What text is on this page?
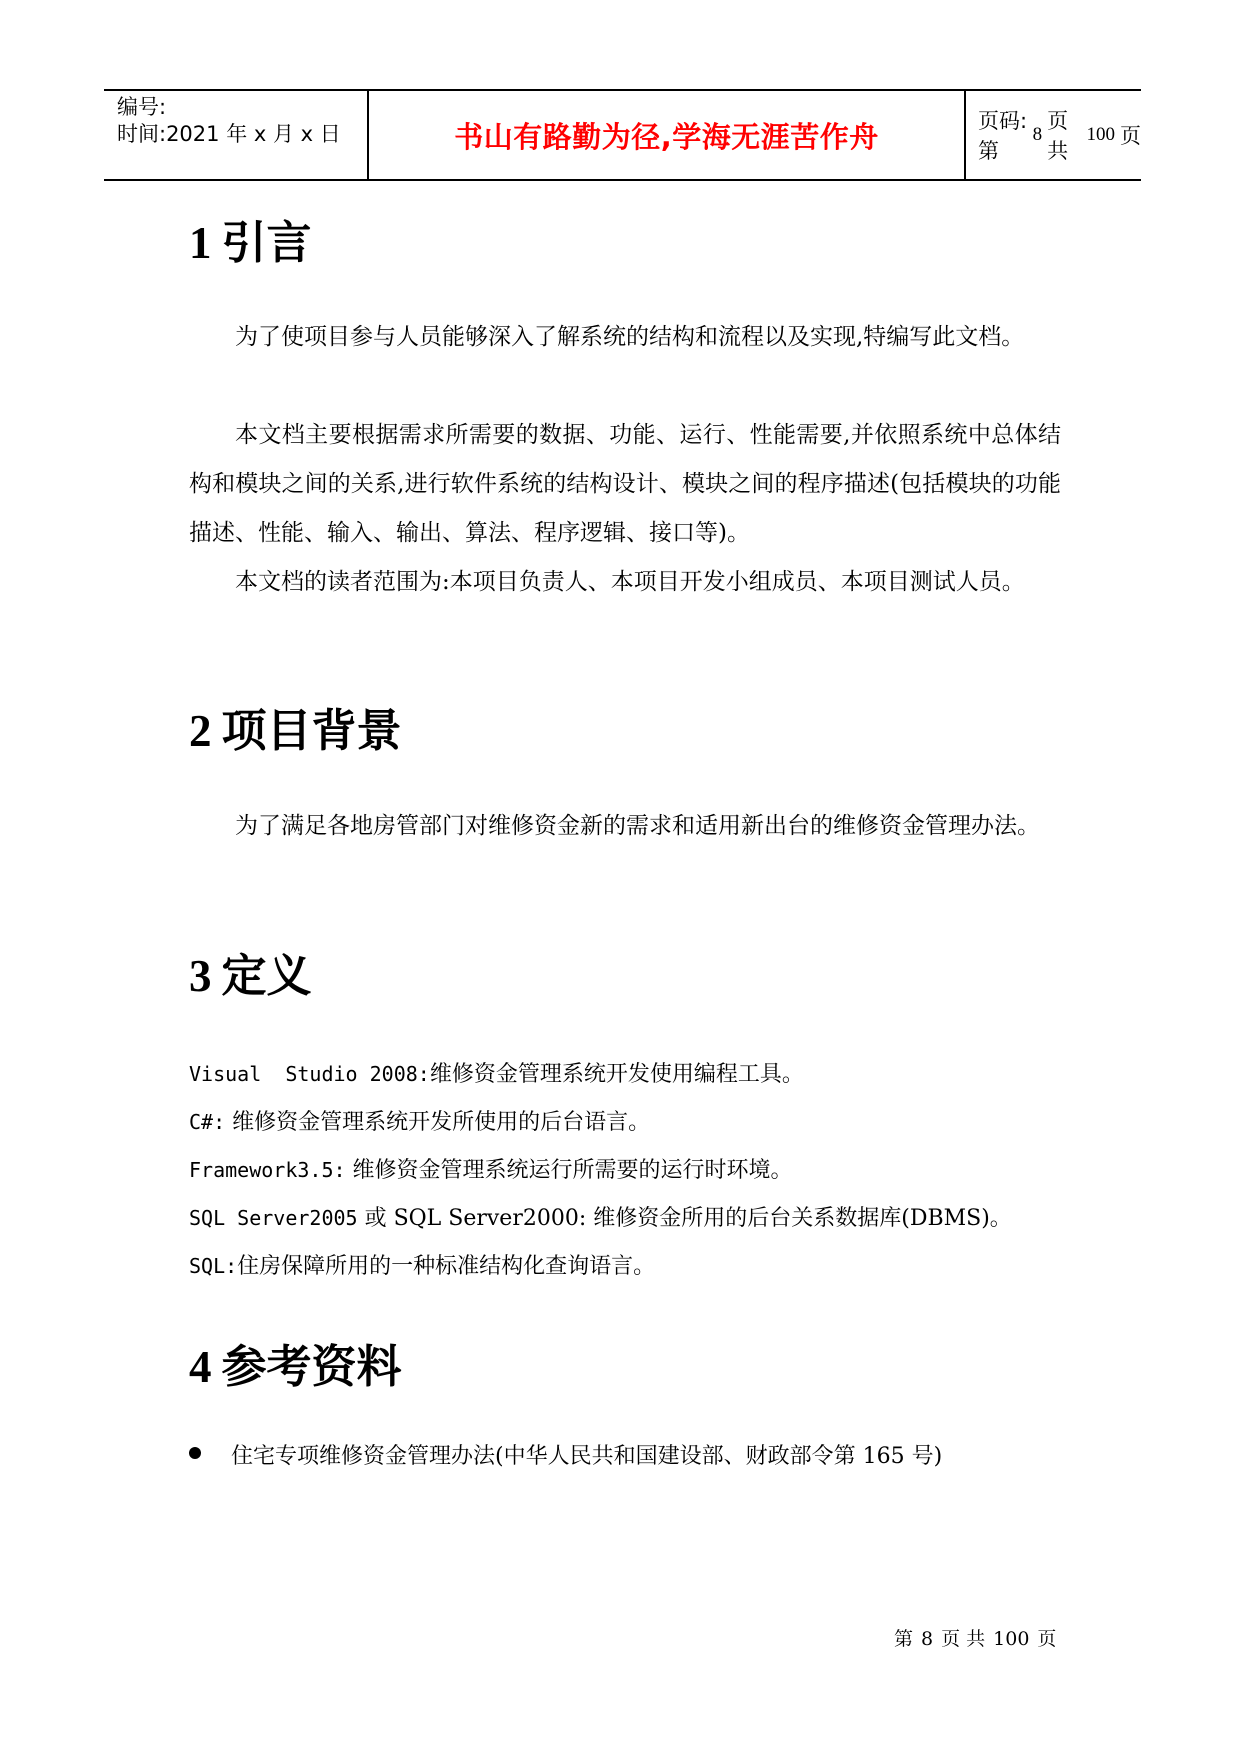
编号:
时间:2021 年 x 月 x 日	书山有路勤为径,学海无涯苦作舟	页码:第
8
页 共
100 页
1 引言

为了使项目参与人员能够深入了解系统的结构和流程以及实现,特编写此文档。

本文档主要根据需求所需要的数据、功能、运行、性能需要,并依照系统中总体结构和模块之间的关系,进行软件系统的结构设计、模块之间的程序描述(包括模块的功能描述、性能、输入、输出、算法、程序逻辑、接口等)。

本文档的读者范围为:本项目负责人、本项目开发小组成员、本项目测试人员。

2 项目背景

为了满足各地房管部门对维修资金新的需求和适用新出台的维修资金管理办法。

3 定义

Visual  Studio 2008:维修资金管理系统开发使用编程工具。

C#: 维修资金管理系统开发所使用的后台语言。

Framework3.5: 维修资金管理系统运行所需要的运行时环境。

SQL Server2005 或 SQL Server2000: 维修资金所用的后台关系数据库(DBMS)。

SQL:住房保障所用的一种标准结构化查询语言。

4 参考资料

住宅专项维修资金管理办法(中华人民共和国建设部、财政部令第 165 号)

第 8 页 共 100 页
